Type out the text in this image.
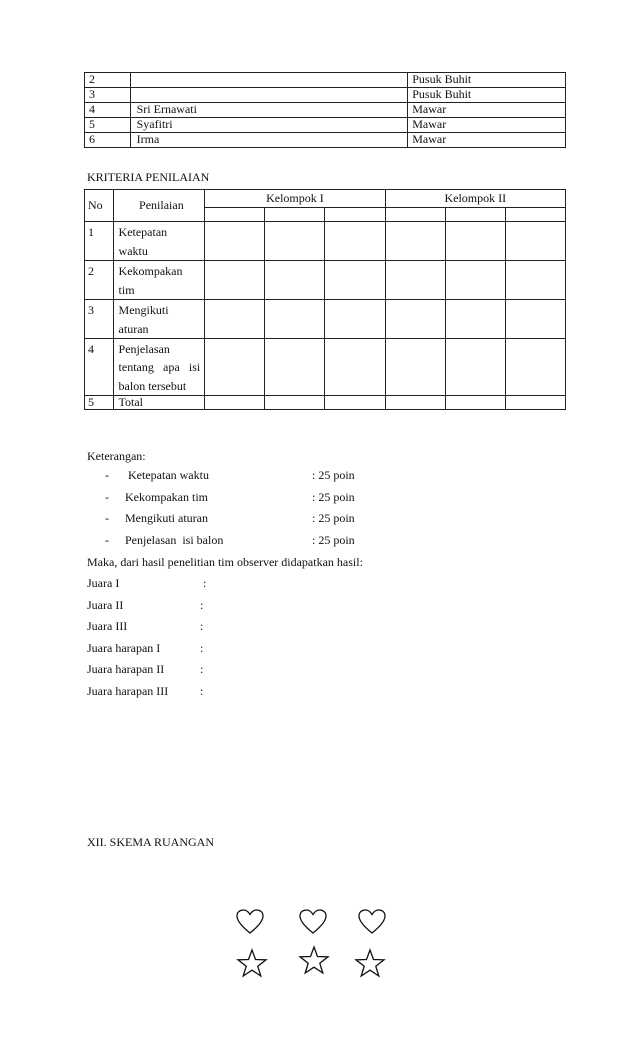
2		Pusuk Buhit
3		Pusuk Buhit
4	Sri Ernawati	Mawar
5	Syafitri	Mawar
6	Irma	Mawar
KRITERIA PENILAIAN
No	Penilaian	Kelompok I			Kelompok II		

1	Ketepatan
waktu						

2	Kekompakan
tim						

3	Mengikuti
aturan						

4	Penjelasan
tentang apa isi
balon tersebut						

5	Total						
Keterangan:
- Ketepatan waktu	: 25 poin
- Kekompakan tim	: 25 poin
- Mengikuti aturan	: 25 poin
- Penjelasan  isi balon	: 25 poin
Maka, dari hasil penelitian tim observer didapatkan hasil:
Juara I	:
Juara II	:
Juara III	:
Juara harapan I	:
Juara harapan II	:
Juara harapan III	:
XII. SKEMA RUANGAN
